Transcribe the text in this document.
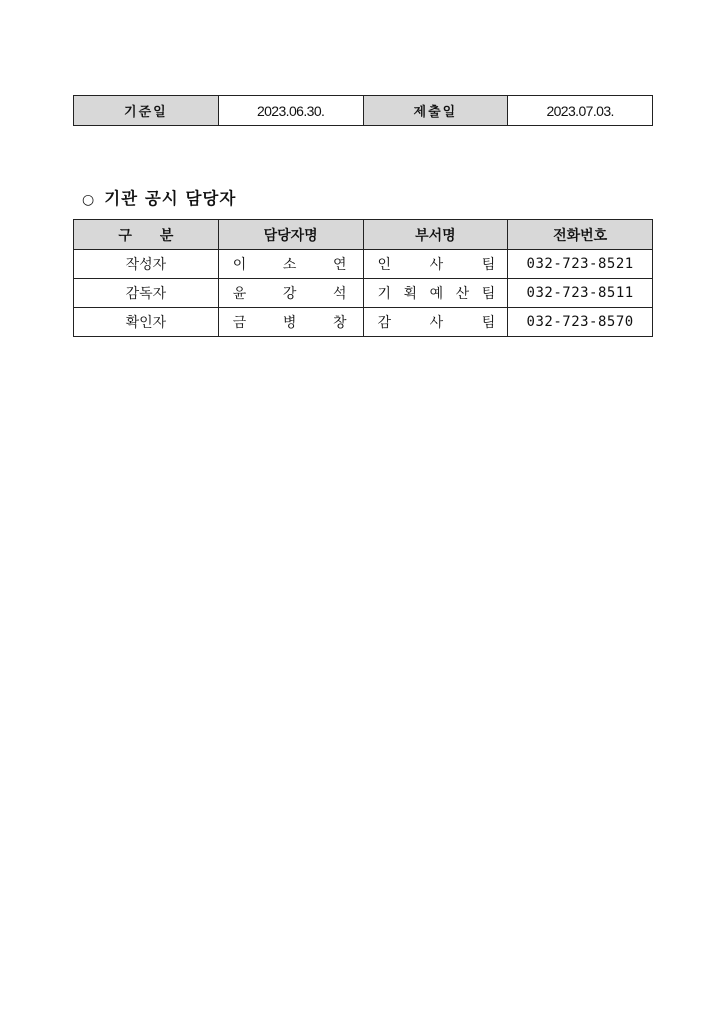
기준일	2023.06.30.	제출일	2023.07.03.
○ 기관 공시 담당자
구분	담당자명	부서명	전화번호
작성자	이 소 연	인 사 팀	032-723-8521
감독자	윤 강 석	기 획 예 산 팀	032-723-8511
확인자	금 병 창	감 사 팀	032-723-8570
